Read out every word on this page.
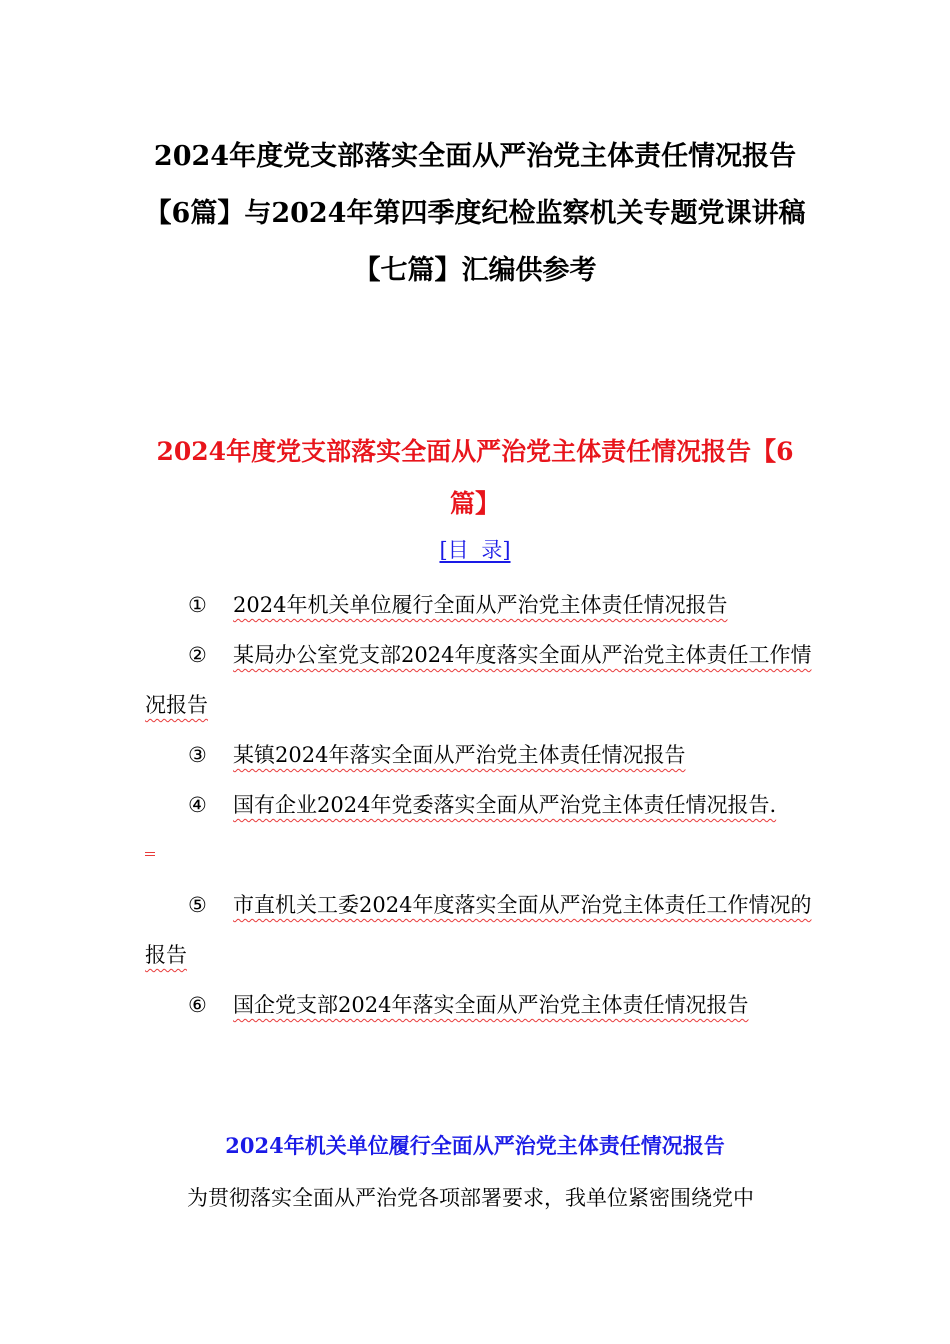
2024年度党支部落实全面从严治党主体责任情况报告【6篇】与2024年第四季度纪检监察机关专题党课讲稿【七篇】汇编供参考
2024年度党支部落实全面从严治党主体责任情况报告【6篇】
[目 录]
① 2024年机关单位履行全面从严治党主体责任情况报告
② 某局办公室党支部2024年度落实全面从严治党主体责任工作情况报告
③ 某镇2024年落实全面从严治党主体责任情况报告
④ 国有企业2024年党委落实全面从严治党主体责任情况报告.
⑤ 市直机关工委2024年度落实全面从严治党主体责任工作情况的报告
⑥ 国企党支部2024年落实全面从严治党主体责任情况报告
2024年机关单位履行全面从严治党主体责任情况报告

为贯彻落实全面从严治党各项部署要求，我单位紧密围绕党中
